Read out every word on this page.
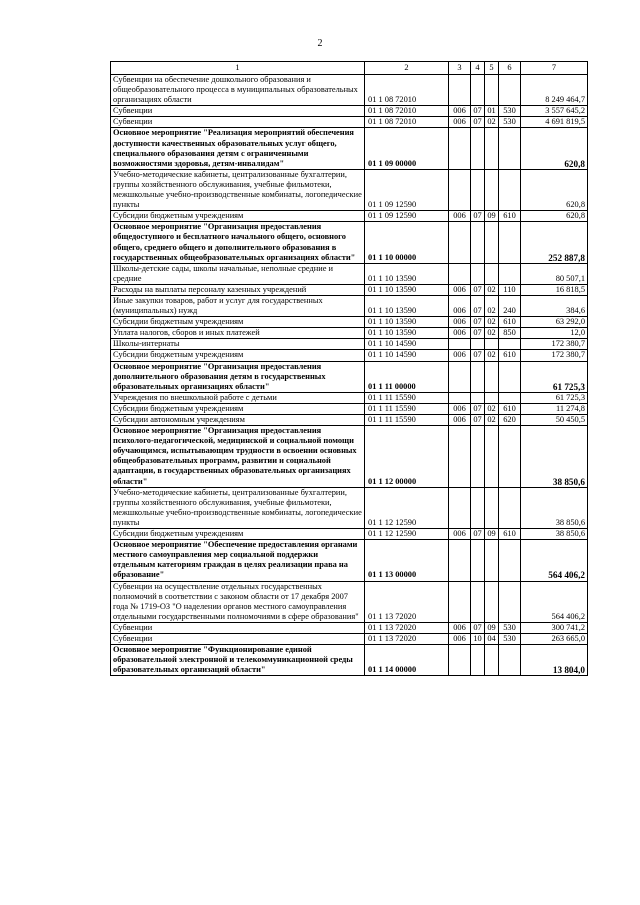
2
1	2	3	4	5	6	7
Субвенции на обеспечение дошкольного образования и общеобразовательного процесса в муниципальных образовательных организациях области	01 1 08 72010					8 249 464,7
Субвенции	01 1 08 72010	006	07	01	530	3 557 645,2
Субвенции	01 1 08 72010	006	07	02	530	4 691 819,5
Основное мероприятие "Реализация мероприятий обеспечения доступности качественных образовательных услуг общего, специального образования детям с ограниченными возможностями здоровья, детям-инвалидам"	01 1 09 00000					620,8
Учебно-методические кабинеты, централизованные бухгалтерии, группы хозяйственного обслуживания, учебные фильмотеки, межшкольные учебно-производственные комбинаты, логопедические пункты	01 1 09 12590					620,8
Субсидии бюджетным учреждениям	01 1 09 12590	006	07	09	610	620,8
Основное мероприятие "Организация предоставления общедоступного и бесплатного начального общего, основного общего, среднего общего и дополнительного образования в государственных общеобразовательных организациях области"	01 1 10 00000					252 887,8
Школы-детские сады, школы начальные, неполные средние и средние	01 1 10 13590					80 507,1
Расходы на выплаты персоналу казенных учреждений	01 1 10 13590	006	07	02	110	16 818,5
Иные закупки товаров, работ и услуг для государственных (муниципальных) нужд	01 1 10 13590	006	07	02	240	384,6
Субсидии бюджетным учреждениям	01 1 10 13590	006	07	02	610	63 292,0
Уплата налогов, сборов и иных платежей	01 1 10 13590	006	07	02	850	12,0
Школы-интернаты	01 1 10 14590					172 380,7
Субсидии бюджетным учреждениям	01 1 10 14590	006	07	02	610	172 380,7
Основное мероприятие "Организация предоставления дополнительного образования детям в государственных образовательных организациях области"	01 1 11 00000					61 725,3
Учреждения по внешкольной работе с детьми	01 1 11 15590					61 725,3
Субсидии бюджетным учреждениям	01 1 11 15590	006	07	02	610	11 274,8
Субсидии автономным учреждениям	01 1 11 15590	006	07	02	620	50 450,5
Основное мероприятие "Организация предоставления психолого-педагогической, медицинской и социальной помощи обучающимся, испытывающим трудности в освоении основных общеобразовательных программ, развитии и социальной адаптации, в государственных образовательных организациях области"	01 1 12 00000					38 850,6
Учебно-методические кабинеты, централизованные бухгалтерии, группы хозяйственного обслуживания, учебные фильмотеки, межшкольные учебно-производственные комбинаты, логопедические пункты	01 1 12 12590					38 850,6
Субсидии бюджетным учреждениям	01 1 12 12590	006	07	09	610	38 850,6
Основное мероприятие "Обеспечение предоставления органами местного самоуправления мер социальной поддержки отдельным категориям граждан в целях реализации права на образование"	01 1 13 00000					564 406,2
Субвенции на осуществление отдельных государственных полномочий в соответствии с законом области от 17 декабря 2007 года № 1719-ОЗ "О наделении органов местного самоуправления отдельными государственными полномочиями в сфере образования"	01 1 13 72020					564 406,2
Субвенции	01 1 13 72020	006	07	09	530	300 741,2
Субвенции	01 1 13 72020	006	10	04	530	263 665,0
Основное мероприятие "Функционирование единой образовательной электронной и телекоммуникационной среды образовательных организаций области"	01 1 14 00000					13 804,0
